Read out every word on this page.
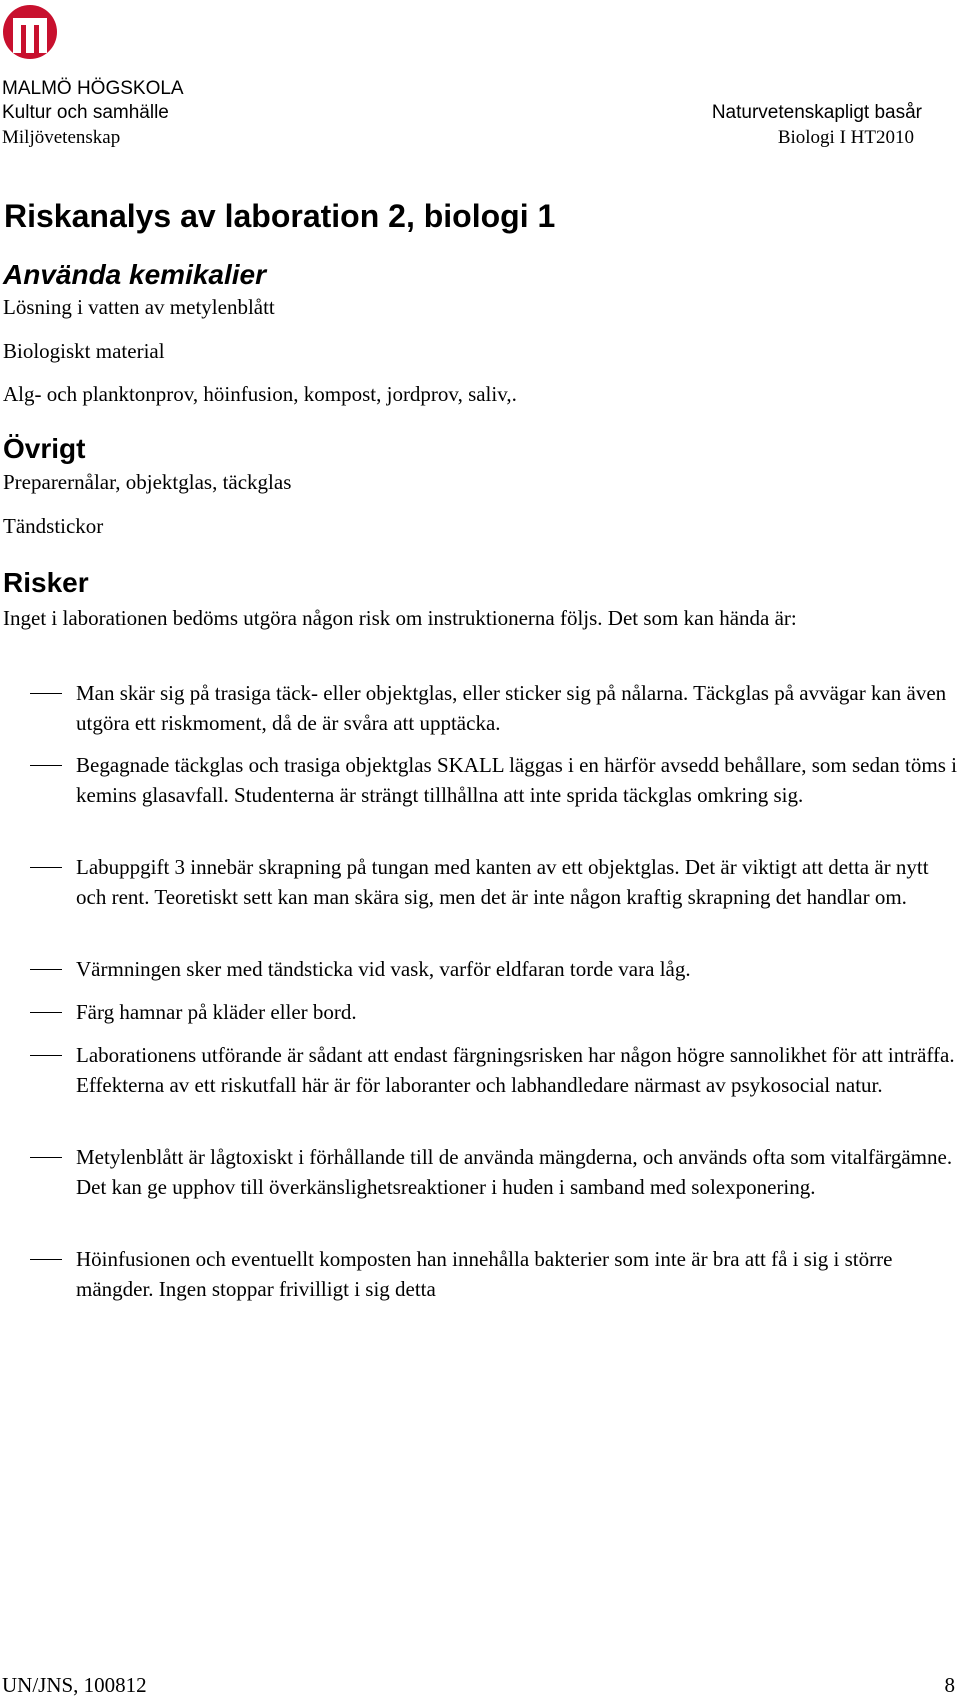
MALMÖ HÖGSKOLA
Kultur och samhälle
Miljövetenskap
Naturvetenskapligt basår
Biologi I HT2010
Riskanalys av laboration 2, biologi 1
Använda kemikalier

Lösning i vatten av metylenblått

Biologiskt material

Alg- och planktonprov, höinfusion, kompost, jordprov, saliv,.

Övrigt

Preparernålar, objektglas, täckglas

Tändstickor

Risker

Inget i laborationen bedöms utgöra någon risk om instruktionerna följs. Det som kan hända är:

Man skär sig på trasiga täck- eller objektglas, eller sticker sig på nålarna. Täckglas på avvägar kan även utgöra ett riskmoment, då de är svåra att upptäcka.

Begagnade täckglas och trasiga objektglas SKALL läggas i en härför avsedd behållare, som sedan töms i kemins glasavfall. Studenterna är strängt tillhållna att inte sprida täckglas omkring sig.

Labuppgift 3 innebär skrapning på tungan med kanten av ett objektglas. Det är viktigt att detta är nytt och rent. Teoretiskt sett kan man skära sig, men det är inte någon kraftig skrapning det handlar om.

Värmningen sker med tändsticka vid vask, varför eldfaran torde vara låg.

Färg hamnar på kläder eller bord.

Laborationens utförande är sådant att endast färgningsrisken har någon högre sannolikhet för att inträffa. Effekterna av ett riskutfall här är för laboranter och labhandledare närmast av psykosocial natur.

Metylenblått är lågtoxiskt i förhållande till de använda mängderna, och används ofta som vitalfärgämne. Det kan ge upphov till överkänslighetsreaktioner i huden i samband med solexponering.

Höinfusionen och eventuellt komposten han innehålla bakterier som inte är bra att få i sig i större mängder. Ingen stoppar frivilligt i sig detta

UN/JNS, 100812	8
